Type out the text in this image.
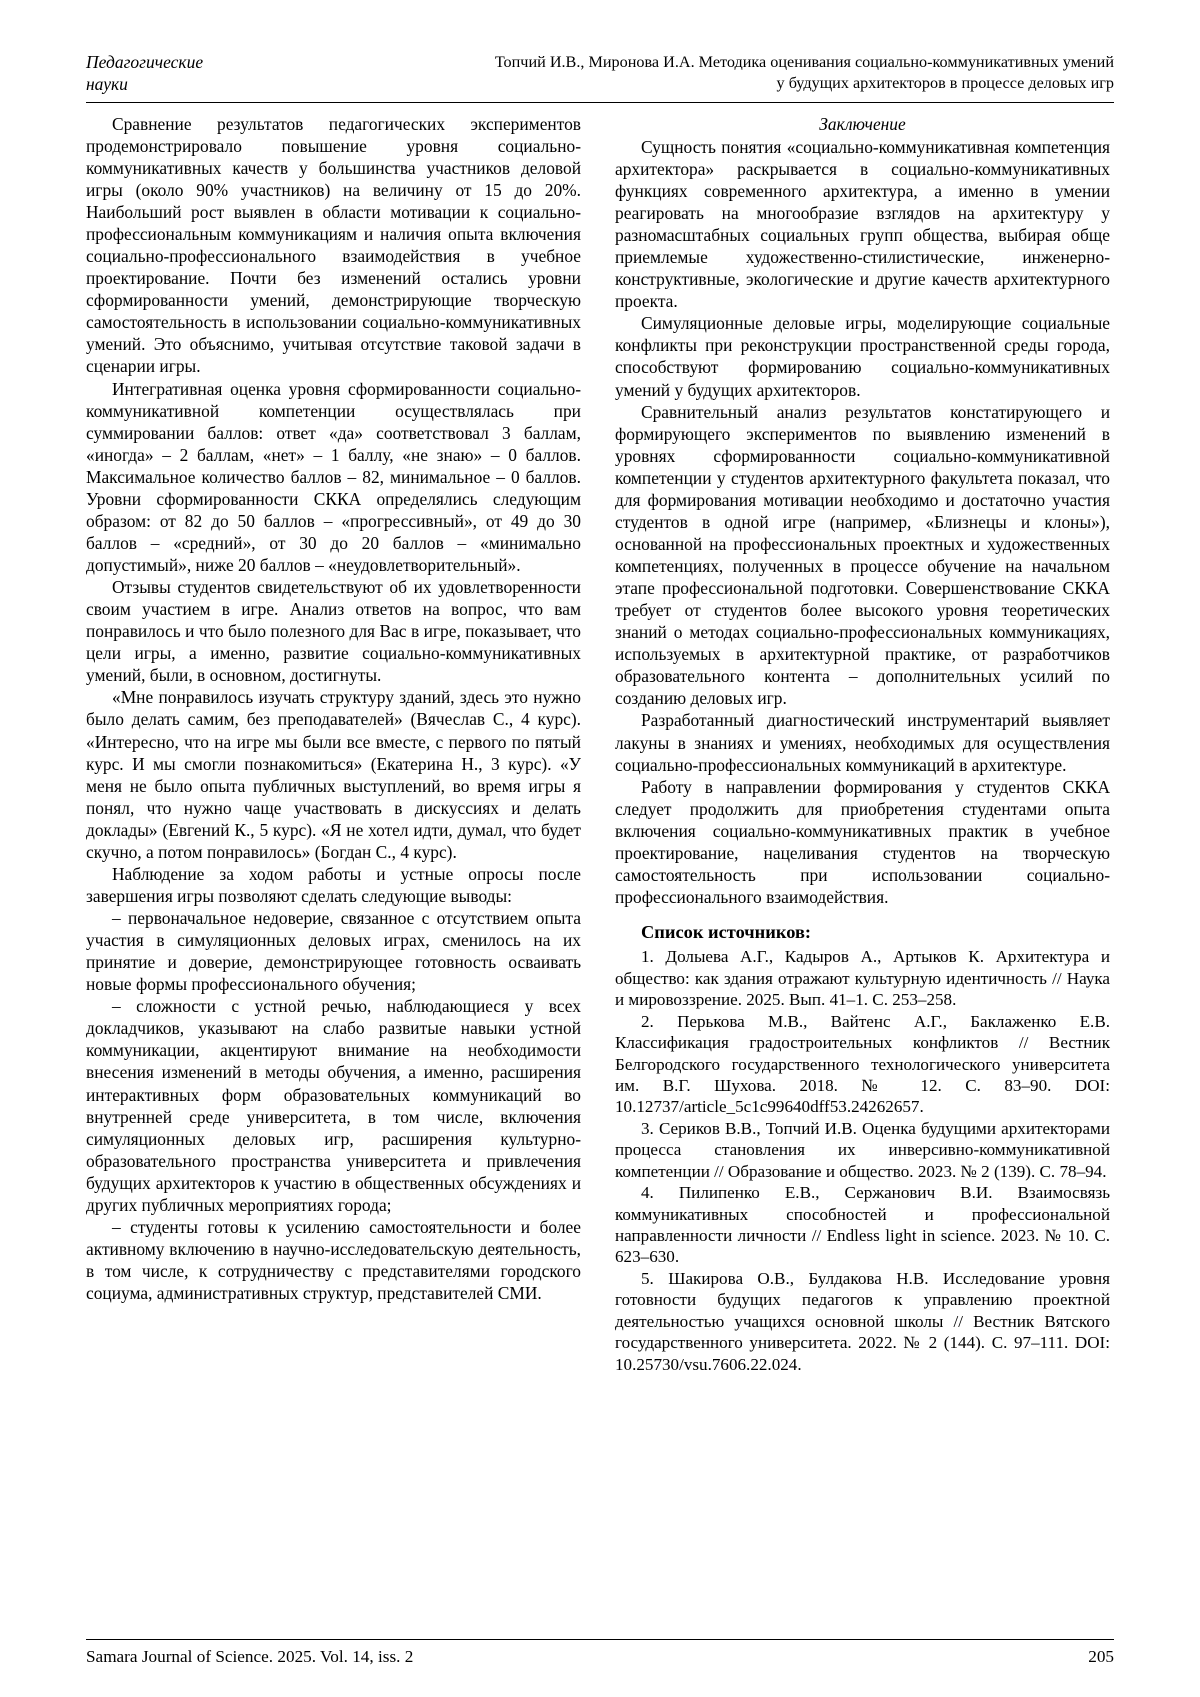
Педагогические
науки
Топчий И.В., Миронова И.А. Методика оценивания социально-коммуникативных умений
у будущих архитекторов в процессе деловых игр

Сравнение результатов педагогических экспериментов продемонстрировало повышение уровня социально-коммуникативных качеств у большинства участников деловой игры (около 90% участников) на величину от 15 до 20%. Наибольший рост выявлен в области мотивации к социально-профессиональным коммуникациям и наличия опыта включения социально-профессионального взаимодействия в учебное проектирование. Почти без изменений остались уровни сформированности умений, демонстрирующие творческую самостоятельность в использовании социально-коммуникативных умений. Это объяснимо, учитывая отсутствие таковой задачи в сценарии игры.

Интегративная оценка уровня сформированности социально-коммуникативной компетенции осуществлялась при суммировании баллов: ответ «да» соответствовал 3 баллам, «иногда» – 2 баллам, «нет» – 1 баллу, «не знаю» – 0 баллов. Максимальное количество баллов – 82, минимальное – 0 баллов. Уровни сформированности СККА определялись следующим образом: от 82 до 50 баллов – «прогрессивный», от 49 до 30 баллов – «средний», от 30 до 20 баллов – «минимально допустимый», ниже 20 баллов – «неудовлетворительный».

Отзывы студентов свидетельствуют об их удовлетворенности своим участием в игре. Анализ ответов на вопрос, что вам понравилось и что было полезного для Вас в игре, показывает, что цели игры, а именно, развитие социально-коммуникативных умений, были, в основном, достигнуты.

«Мне понравилось изучать структуру зданий, здесь это нужно было делать самим, без преподавателей» (Вячеслав С., 4 курс). «Интересно, что на игре мы были все вместе, с первого по пятый курс. И мы смогли познакомиться» (Екатерина Н., 3 курс). «У меня не было опыта публичных выступлений, во время игры я понял, что нужно чаще участвовать в дискуссиях и делать доклады» (Евгений К., 5 курс). «Я не хотел идти, думал, что будет скучно, а потом понравилось» (Богдан С., 4 курс).

Наблюдение за ходом работы и устные опросы после завершения игры позволяют сделать следующие выводы:

– первоначальное недоверие, связанное с отсутствием опыта участия в симуляционных деловых играх, сменилось на их принятие и доверие, демонстрирующее готовность осваивать новые формы профессионального обучения;

– сложности с устной речью, наблюдающиеся у всех докладчиков, указывают на слабо развитые навыки устной коммуникации, акцентируют внимание на необходимости внесения изменений в методы обучения, а именно, расширения интерактивных форм образовательных коммуникаций во внутренней среде университета, в том числе, включения симуляционных деловых игр, расширения культурно-образовательного пространства университета и привлечения будущих архитекторов к участию в общественных обсуждениях и других публичных мероприятиях города;

– студенты готовы к усилению самостоятельности и более активному включению в научно-исследовательскую деятельность, в том числе, к сотрудничеству с представителями городского социума, административных структур, представителей СМИ.

Заключение

Сущность понятия «социально-коммуникативная компетенция архитектора» раскрывается в социально-коммуникативных функциях современного архитектура, а именно в умении реагировать на многообразие взглядов на архитектуру у разномасштабных социальных групп общества, выбирая обще приемлемые художественно-стилистические, инженерно-конструктивные, экологические и другие качеств архитектурного проекта.

Симуляционные деловые игры, моделирующие социальные конфликты при реконструкции пространственной среды города, способствуют формированию социально-коммуникативных умений у будущих архитекторов.

Сравнительный анализ результатов констатирующего и формирующего экспериментов по выявлению изменений в уровнях сформированности социально-коммуникативной компетенции у студентов архитектурного факультета показал, что для формирования мотивации необходимо и достаточно участия студентов в одной игре (например, «Близнецы и клоны»), основанной на профессиональных проектных и художественных компетенциях, полученных в процессе обучение на начальном этапе профессиональной подготовки. Совершенствование СККА требует от студентов более высокого уровня теоретических знаний о методах социально-профессиональных коммуникациях, используемых в архитектурной практике, от разработчиков образовательного контента – дополнительных усилий по созданию деловых игр.

Разработанный диагностический инструментарий выявляет лакуны в знаниях и умениях, необходимых для осуществления социально-профессиональных коммуникаций в архитектуре.

Работу в направлении формирования у студентов СККА следует продолжить для приобретения студентами опыта включения социально-коммуникативных практик в учебное проектирование, нацеливания студентов на творческую самостоятельность при использовании социально-профессионального взаимодействия.

Список источников:

1. Долыева А.Г., Кадыров А., Артыков К. Архитектура и общество: как здания отражают культурную идентичность // Наука и мировоззрение. 2025. Вып. 41–1. С. 253–258.

2. Перькова М.В., Вайтенс А.Г., Баклаженко Е.В. Классификация градостроительных конфликтов // Вестник Белгородского государственного технологического университета им. В.Г. Шухова. 2018. № 12. С. 83–90. DOI: 10.12737/article_5c1c99640dff53.24262657.

3. Сериков В.В., Топчий И.В. Оценка будущими архитекторами процесса становления их инверсивно-коммуникативной компетенции // Образование и общество. 2023. № 2 (139). С. 78–94.

4. Пилипенко Е.В., Сержанович В.И. Взаимосвязь коммуникативных способностей и профессиональной направленности личности // Endless light in science. 2023. № 10. С. 623–630.

5. Шакирова О.В., Булдакова Н.В. Исследование уровня готовности будущих педагогов к управлению проектной деятельностью учащихся основной школы // Вестник Вятского государственного университета. 2022. № 2 (144). С. 97–111. DOI: 10.25730/vsu.7606.22.024.

Samara Journal of Science. 2025. Vol. 14, iss. 2	205
